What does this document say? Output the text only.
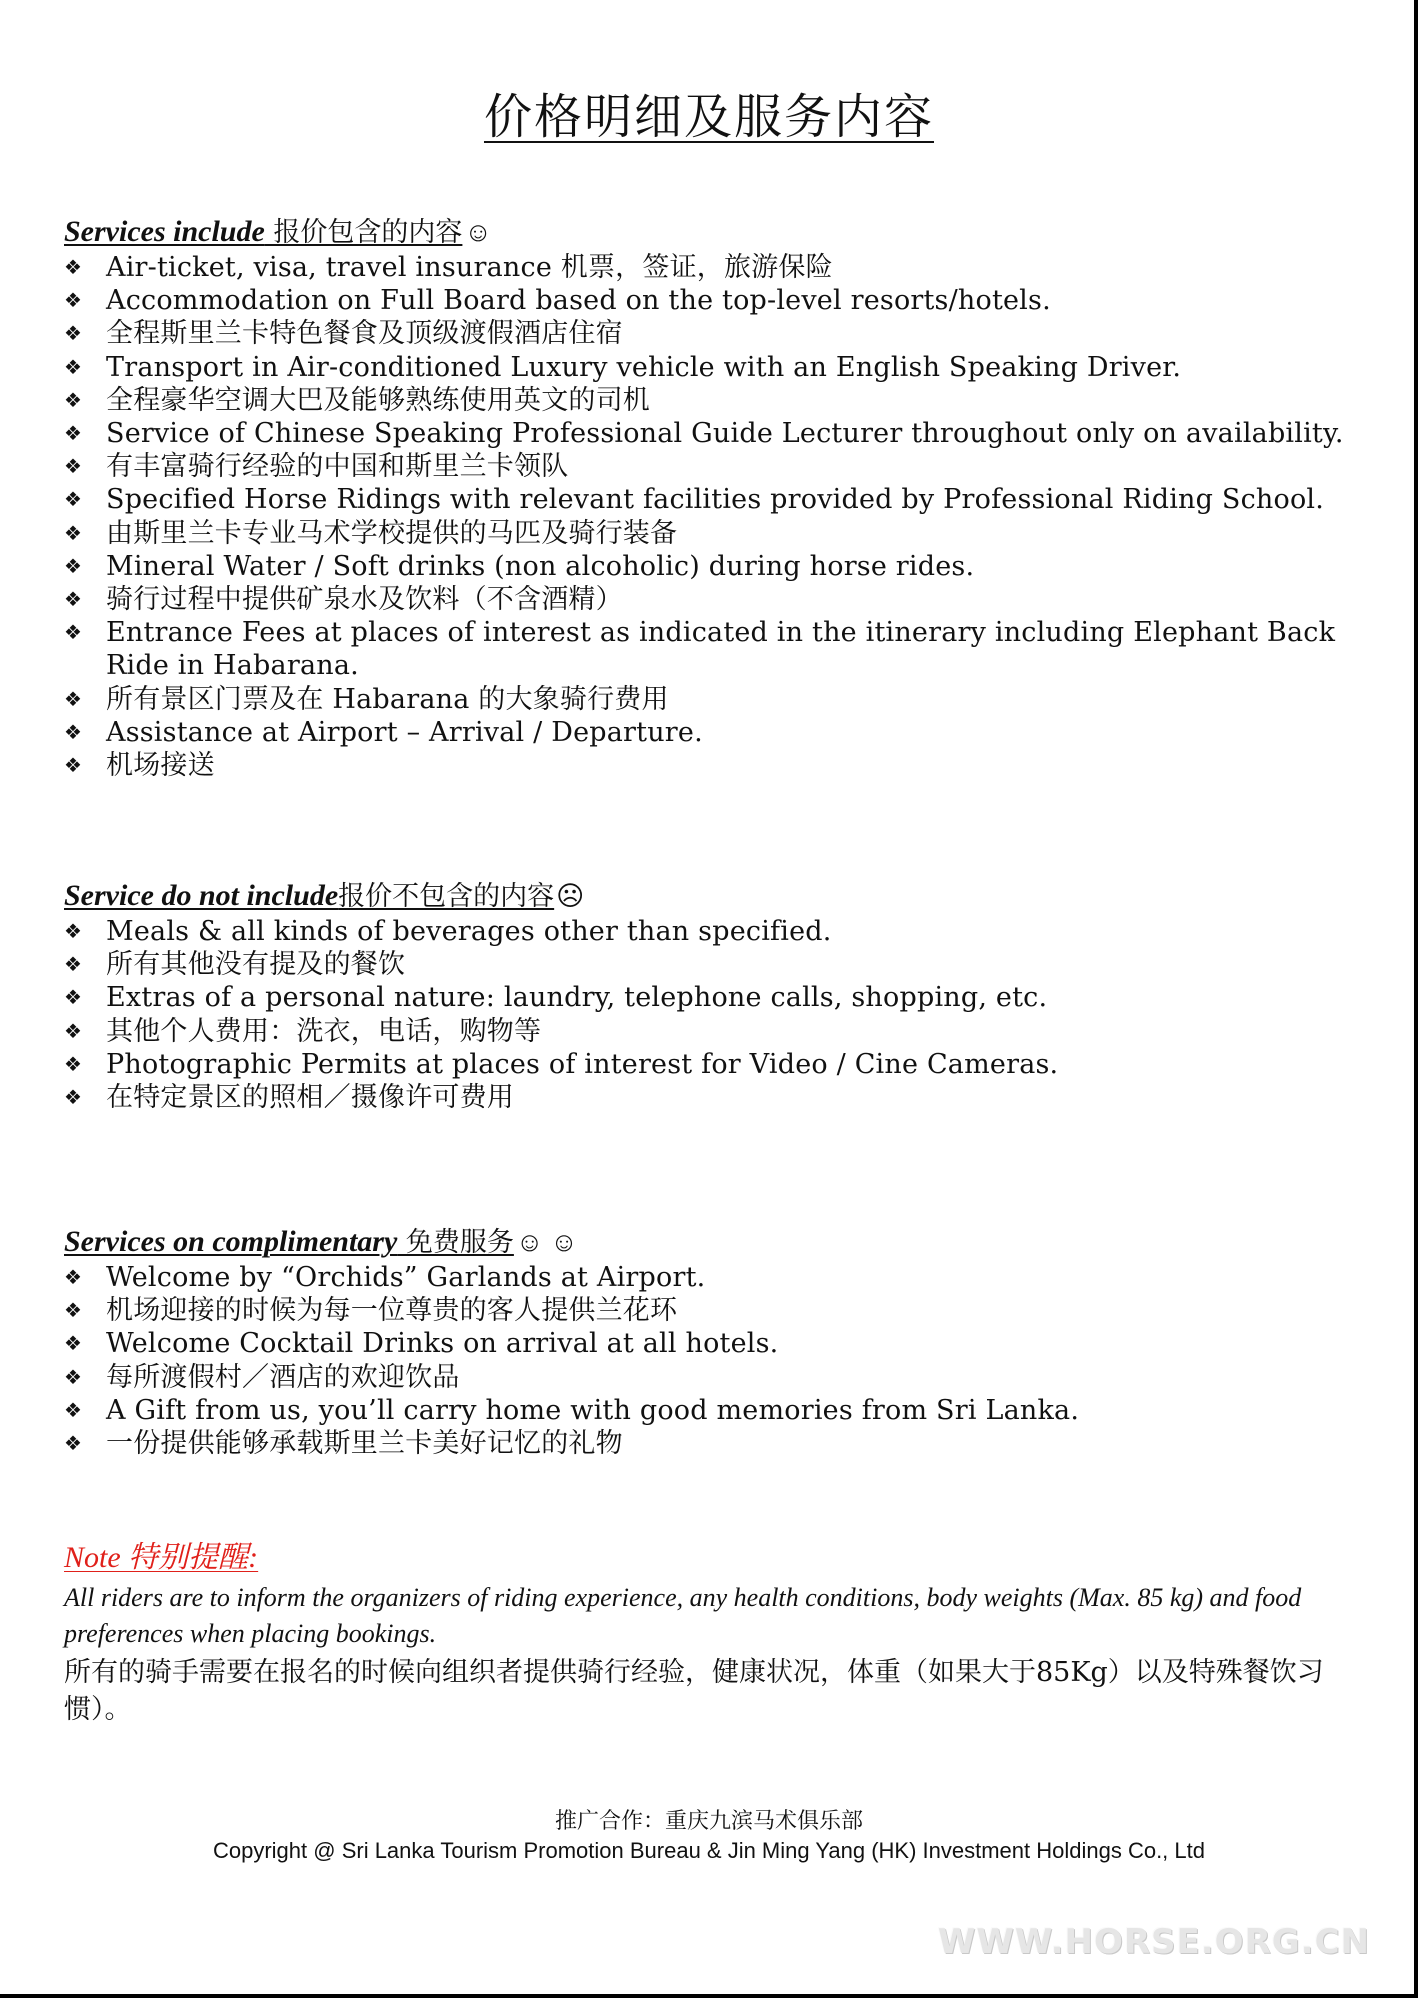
价格明细及服务内容
Services include 报价包含的内容☺
❖ Air-ticket, visa, travel insurance 机票，签证，旅游保险
❖ Accommodation on Full Board based on the top-level resorts/hotels.
❖ 全程斯里兰卡特色餐食及顶级渡假酒店住宿
❖ Transport in Air-conditioned Luxury vehicle with an English Speaking Driver.
❖ 全程豪华空调大巴及能够熟练使用英文的司机
❖ Service of Chinese Speaking Professional Guide Lecturer throughout only on availability.
❖ 有丰富骑行经验的中国和斯里兰卡领队
❖ Specified Horse Ridings with relevant facilities provided by Professional Riding School.
❖ 由斯里兰卡专业马术学校提供的马匹及骑行装备
❖ Mineral Water / Soft drinks (non alcoholic) during horse rides.
❖ 骑行过程中提供矿泉水及饮料（不含酒精）
❖ Entrance Fees at places of interest as indicated in the itinerary including Elephant Back Ride in Habarana.
❖ 所有景区门票及在 Habarana 的大象骑行费用
❖ Assistance at Airport – Arrival / Departure.
❖ 机场接送
Service do not include报价不包含的内容☹
❖ Meals & all kinds of beverages other than specified.
❖ 所有其他没有提及的餐饮
❖ Extras of a personal nature: laundry, telephone calls, shopping, etc.
❖ 其他个人费用：洗衣，电话，购物等
❖ Photographic Permits at places of interest for Video / Cine Cameras.
❖ 在特定景区的照相／摄像许可费用
Services on complimentary 免费服务☺ ☺
❖ Welcome by “Orchids” Garlands at Airport.
❖ 机场迎接的时候为每一位尊贵的客人提供兰花环
❖ Welcome Cocktail Drinks on arrival at all hotels.
❖ 每所渡假村／酒店的欢迎饮品
❖ A Gift from us, you’ll carry home with good memories from Sri Lanka.
❖ 一份提供能够承载斯里兰卡美好记忆的礼物
Note 特别提醒:
All riders are to inform the organizers of riding experience, any health conditions, body weights (Max. 85 kg) and food preferences when placing bookings.
所有的骑手需要在报名的时候向组织者提供骑行经验，健康状况，体重（如果大于85Kg）以及特殊餐饮习惯）。
推广合作：重庆九滨马术俱乐部
Copyright @ Sri Lanka Tourism Promotion Bureau & Jin Ming Yang (HK) Investment Holdings Co., Ltd
WWW.HORSE.ORG.CN
